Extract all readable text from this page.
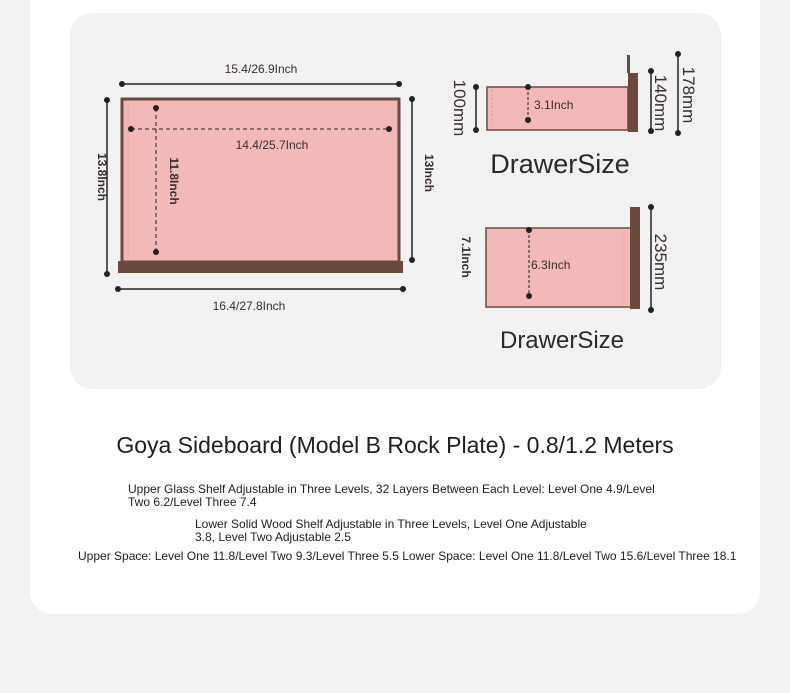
15.4/26.9Inch
14.4/25.7Inch
11.8Inch
13.8Inch	13Inch
16.4/27.8Inch
100mm	3.1Inch	140mm 178mm
DrawerSize
6.3Inch
7.1Inch	235mm
DrawerSize
Goya Sideboard (Model B Rock Plate) - 0.8/1.2 Meters
Upper Glass Shelf Adjustable in Three Levels, 32 Layers Between Each Level: Level One 4.9/Level Two 6.2/Level Three 7.4
Lower Solid Wood Shelf Adjustable in Three Levels, Level One Adjustable 3.8, Level Two Adjustable 2.5
Upper Space: Level One 11.8/Level Two 9.3/Level Three 5.5 Lower Space: Level One 11.8/Level Two 15.6/Level Three 18.1
